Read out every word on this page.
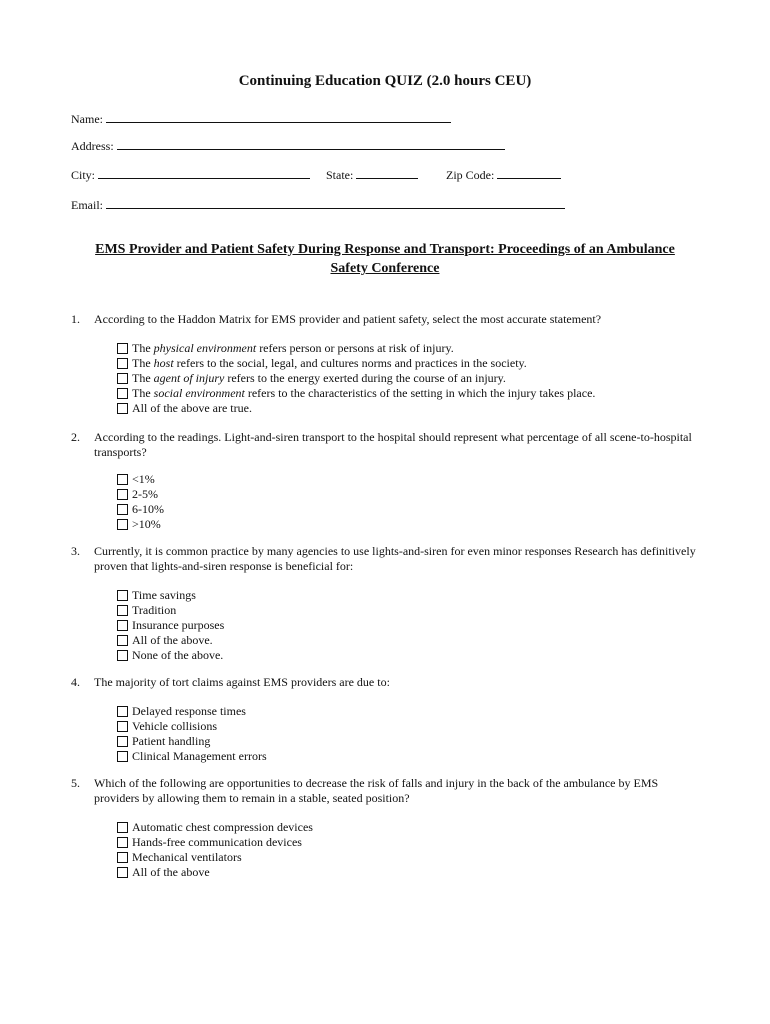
Continuing Education QUIZ (2.0 hours CEU)
Name:
Address:
City:	State:	Zip Code:
Email:
EMS Provider and Patient Safety During Response and Transport: Proceedings of an Ambulance
Safety Conference
1.	According to the Haddon Matrix for EMS provider and patient safety, select the most accurate statement?
The physical environment refers person or persons at risk of injury.
The host refers to the social, legal, and cultures norms and practices in the society.
The agent of injury refers to the energy exerted during the course of an injury.
The social environment refers to the characteristics of the setting in which the injury takes place.
All of the above are true.
2.	According to the readings. Light-and-siren transport to the hospital should represent what percentage of all scene-to-hospital transports?
<1%
2-5%
6-10%
>10%
3.	Currently, it is common practice by many agencies to use lights-and-siren for even minor responses Research has definitively proven that lights-and-siren response is beneficial for:
Time savings
Tradition
Insurance purposes
All of the above.
None of the above.
4.	The majority of tort claims against EMS providers are due to:
Delayed response times
Vehicle collisions
Patient handling
Clinical Management errors
5.	Which of the following are opportunities to decrease the risk of falls and injury in the back of the ambulance by EMS providers by allowing them to remain in a stable, seated position?
Automatic chest compression devices
Hands-free communication devices
Mechanical ventilators
All of the above
